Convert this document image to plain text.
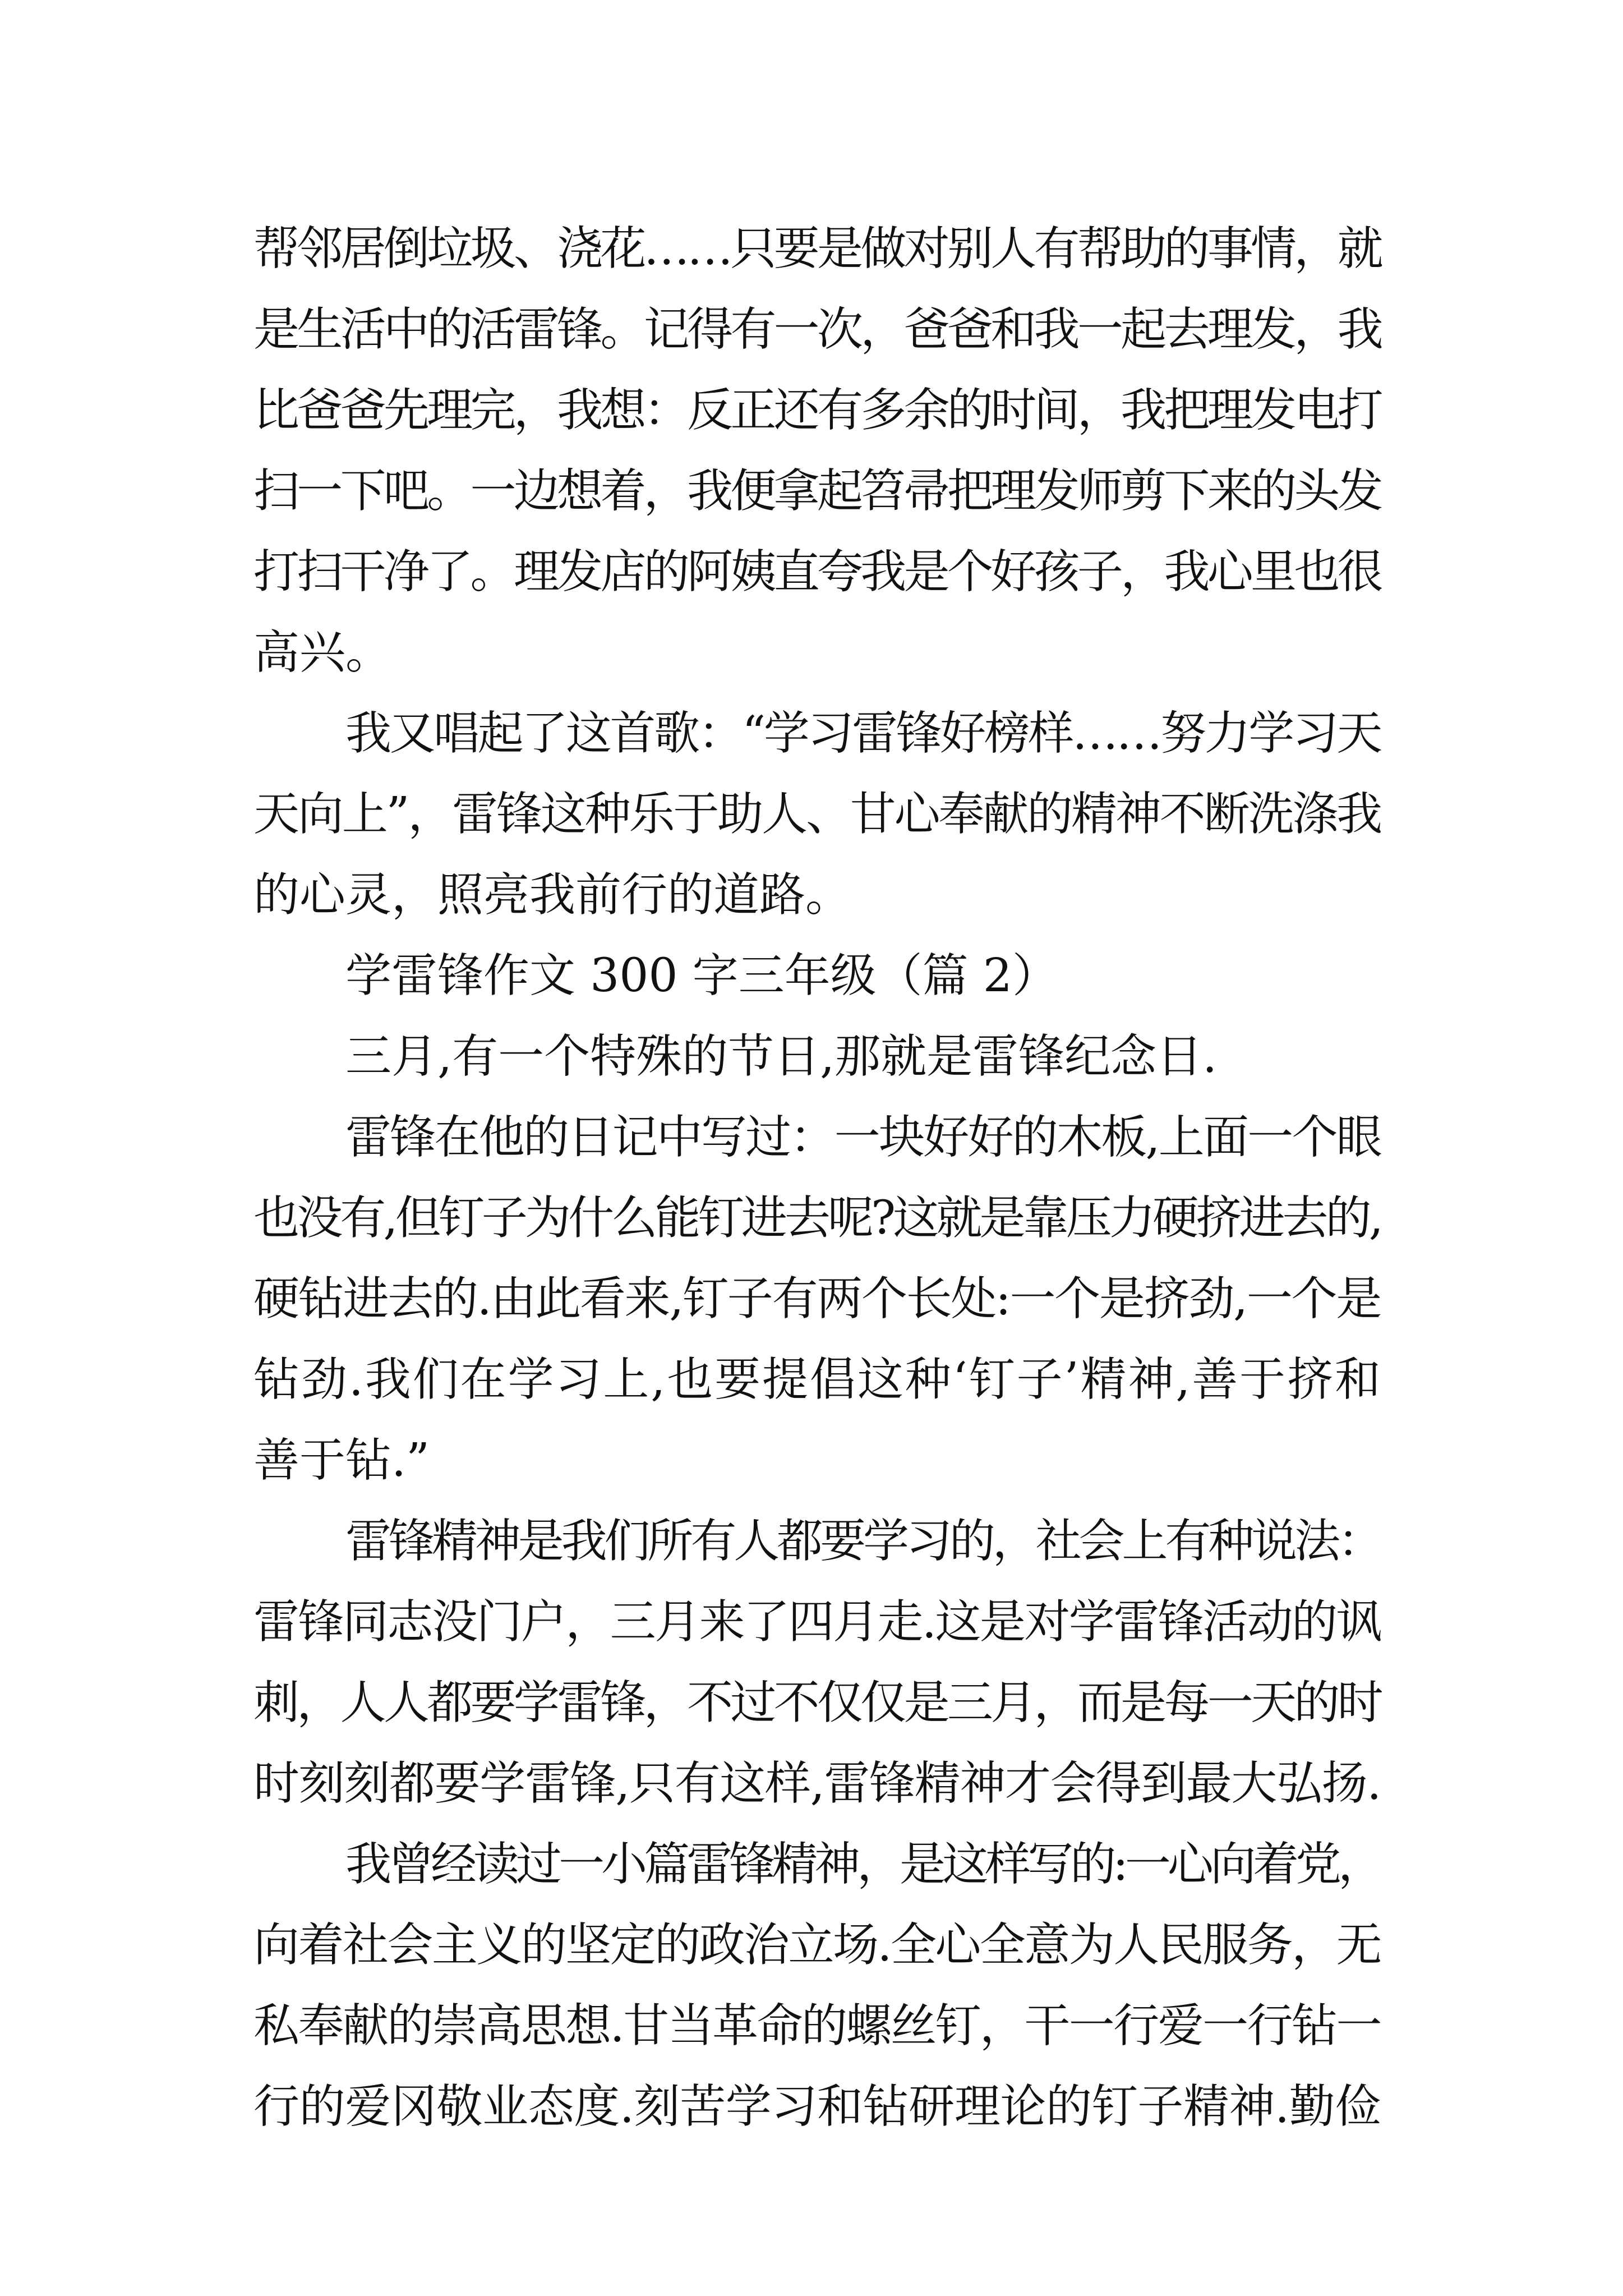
帮邻居倒垃圾、浇花……只要是做对别人有帮助的事情，就
是生活中的活雷锋。记得有一次，爸爸和我一起去理发，我
比爸爸先理完，我想：反正还有多余的时间，我把理发电打
扫一下吧。一边想着，我便拿起笤帚把理发师剪下来的头发
打扫干净了。理发店的阿姨直夸我是个好孩子，我心里也很
高兴。
我又唱起了这首歌：“学习雷锋好榜样……努力学习天
天向上”，雷锋这种乐于助人、甘心奉献的精神不断洗涤我
的心灵，照亮我前行的道路。
学雷锋作文 300 字三年级（篇 2）
三月,有一个特殊的节日,那就是雷锋纪念日.
雷锋在他的日记中写过：一块好好的木板,上面一个眼
也没有,但钉子为什么能钉进去呢?这就是靠压力硬挤进去的,
硬钻进去的.由此看来,钉子有两个长处:一个是挤劲,一个是
钻劲.我们在学习上,也要提倡这种‘钉子’精神,善于挤和
善于钻.”
雷锋精神是我们所有人都要学习的，社会上有种说法：
雷锋同志没门户，三月来了四月走.这是对学雷锋活动的讽
刺，人人都要学雷锋，不过不仅仅是三月，而是每一天的时
时刻刻都要学雷锋,只有这样,雷锋精神才会得到最大弘扬.
我曾经读过一小篇雷锋精神，是这样写的:一心向着党，
向着社会主义的坚定的政治立场.全心全意为人民服务，无
私奉献的崇高思想.甘当革命的螺丝钉，干一行爱一行钻一
行的爱冈敬业态度.刻苦学习和钻研理论的钉子精神.勤俭
